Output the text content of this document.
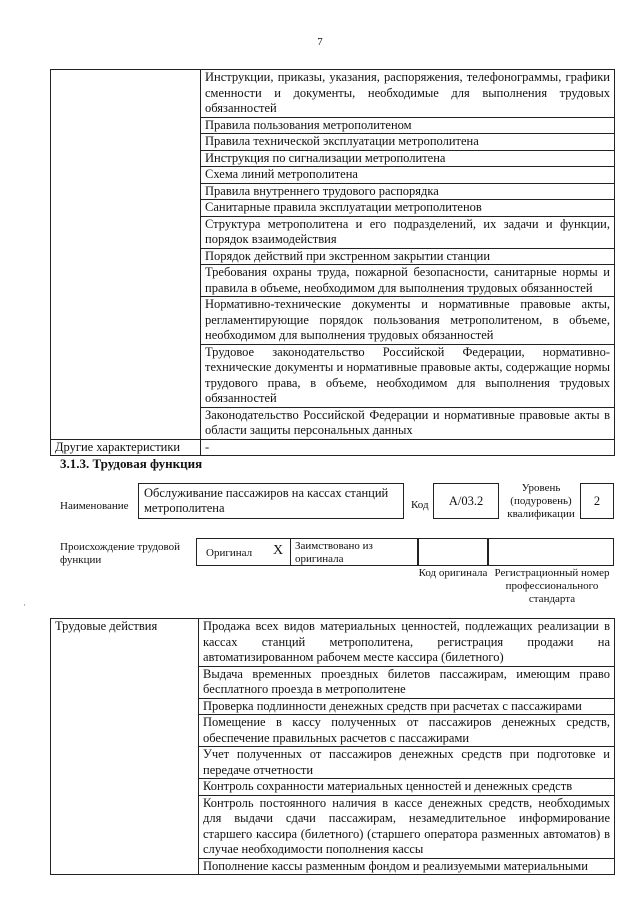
7
	Инструкции, приказы, указания, распоряжения, телефонограммы, графики сменности и документы, необходимые для выполнения трудовых обязанностей
	Правила пользования метрополитеном
	Правила технической эксплуатации метрополитена
	Инструкция по сигнализации метрополитена
	Схема линий метрополитена
	Правила внутреннего трудового распорядка
	Санитарные правила эксплуатации метрополитенов
	Структура метрополитена и его подразделений, их задачи и функции, порядок взаимодействия
	Порядок действий при экстренном закрытии станции
	Требования охраны труда, пожарной безопасности, санитарные нормы и правила в объеме, необходимом для выполнения трудовых обязанностей
	Нормативно-технические документы и нормативные правовые акты, регламентирующие порядок пользования метрополитеном, в объеме, необходимом для выполнения трудовых обязанностей
	Трудовое законодательство Российской Федерации, нормативно-технические документы и нормативные правовые акты, содержащие нормы трудового права, в объеме, необходимом для выполнения трудовых обязанностей
	Законодательство Российской Федерации и нормативные правовые акты в области защиты персональных данных
Другие характеристики	-
3.1.3. Трудовая функция
Наименование
Обслуживание пассажиров на кассах станций метрополитена	Код	А/03.2
Уровень (подуровень) квалификации
2
Происхождение трудовой функции
Оригинал X Заимствовано из оригинала
Код оригинала Регистрационный номер профессионального стандарта
·
Трудовые действия	Продажа всех видов материальных ценностей, подлежащих реализации в кассах станций метрополитена, регистрация продажи на автоматизированном рабочем месте кассира (билетного)
Выдача временных проездных билетов пассажирам, имеющим право бесплатного проезда в метрополитене
Проверка подлинности денежных средств при расчетах с пассажирами
Помещение в кассу полученных от пассажиров денежных средств, обеспечение правильных расчетов с пассажирами
Учет полученных от пассажиров денежных средств при подготовке и передаче отчетности
Контроль сохранности материальных ценностей и денежных средств
Контроль постоянного наличия в кассе денежных средств, необходимых для выдачи сдачи пассажирам, незамедлительное информирование старшего кассира (билетного) (старшего оператора разменных автоматов) в случае необходимости пополнения кассы
Пополнение кассы разменным фондом и реализуемыми материальными
